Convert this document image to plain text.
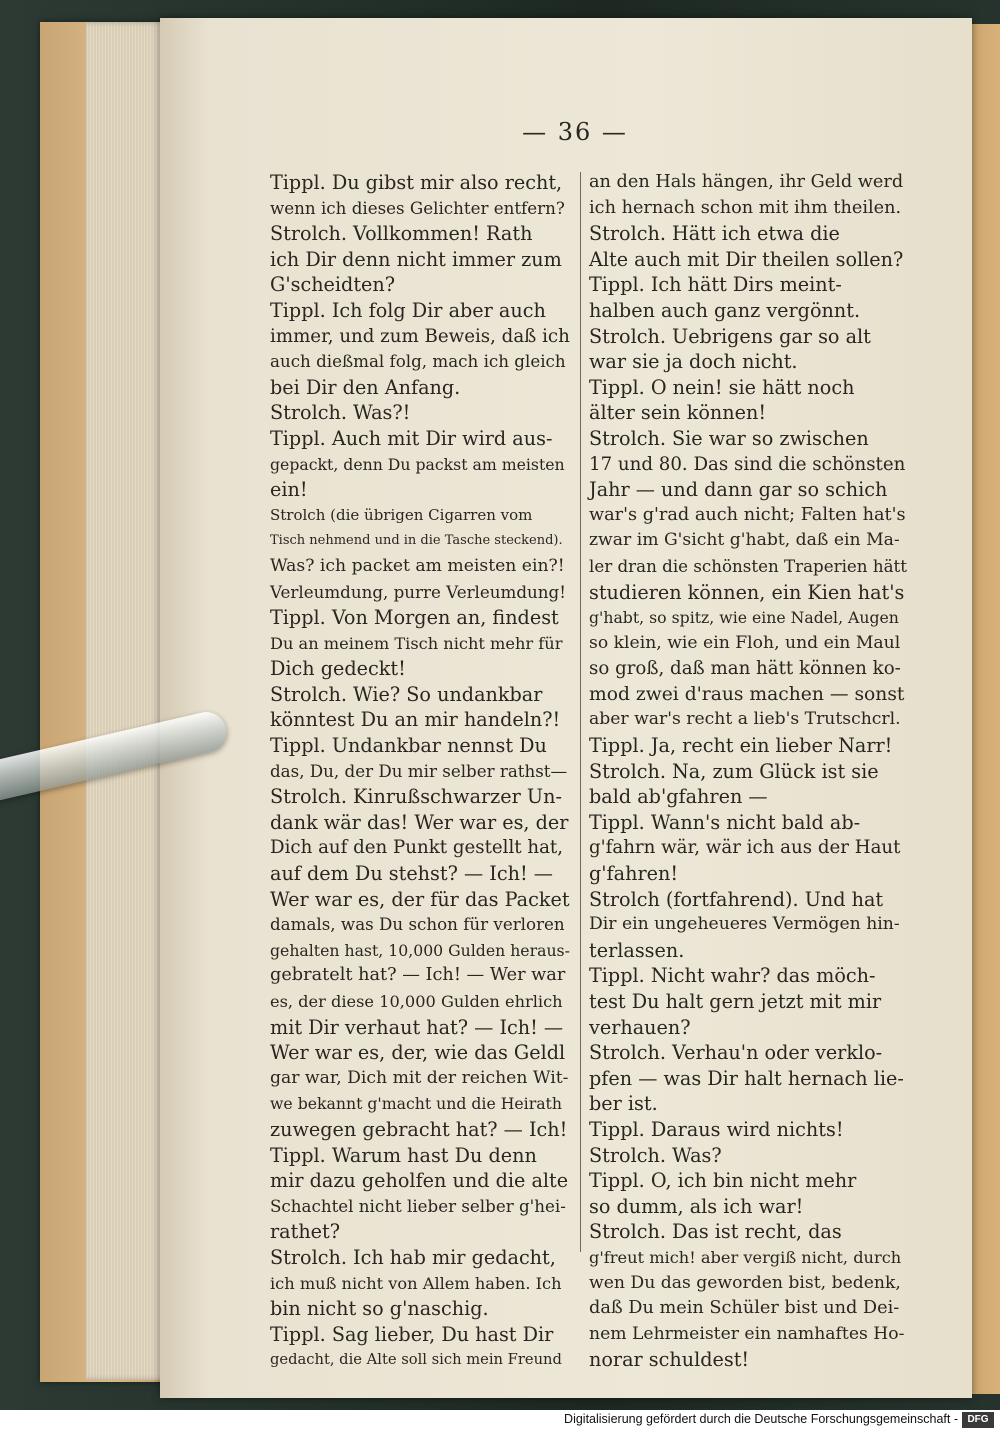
— 36 —
Tippl. Du gibst mir also recht,
wenn ich dieses Gelichter entfern?
Strolch. Vollkommen! Rath
ich Dir denn nicht immer zum
G'scheidten?
Tippl. Ich folg Dir aber auch
immer, und zum Beweis, daß ich
auch dießmal folg, mach ich gleich
bei Dir den Anfang.
Strolch. Was?!
Tippl. Auch mit Dir wird aus-
gepackt, denn Du packst am meisten
ein!
Strolch (die übrigen Cigarren vom
Tisch nehmend und in die Tasche steckend).
Was? ich packet am meisten ein?!
Verleumdung, purre Verleumdung!
Tippl. Von Morgen an, findest
Du an meinem Tisch nicht mehr für
Dich gedeckt!
Strolch. Wie? So undankbar
könntest Du an mir handeln?!
Tippl. Undankbar nennst Du
das, Du, der Du mir selber rathst—
Strolch. Kinrußschwarzer Un-
dank wär das! Wer war es, der
Dich auf den Punkt gestellt hat,
auf dem Du stehst? — Ich! —
Wer war es, der für das Packet
damals, was Du schon für verloren
gehalten hast, 10,000 Gulden heraus-
gebratelt hat? — Ich! — Wer war
es, der diese 10,000 Gulden ehrlich
mit Dir verhaut hat? — Ich! —
Wer war es, der, wie das Geldl
gar war, Dich mit der reichen Wit-
we bekannt g'macht und die Heirath
zuwegen gebracht hat? — Ich!
Tippl. Warum hast Du denn
mir dazu geholfen und die alte
Schachtel nicht lieber selber g'hei-
rathet?
Strolch. Ich hab mir gedacht,
ich muß nicht von Allem haben. Ich
bin nicht so g'naschig.
Tippl. Sag lieber, Du hast Dir
gedacht, die Alte soll sich mein Freund
an den Hals hängen, ihr Geld werd
ich hernach schon mit ihm theilen.
Strolch. Hätt ich etwa die
Alte auch mit Dir theilen sollen?
Tippl. Ich hätt Dirs meint-
halben auch ganz vergönnt.
Strolch. Uebrigens gar so alt
war sie ja doch nicht.
Tippl. O nein! sie hätt noch
älter sein können!
Strolch. Sie war so zwischen
17 und 80. Das sind die schönsten
Jahr — und dann gar so schich
war's g'rad auch nicht; Falten hat's
zwar im G'sicht g'habt, daß ein Ma-
ler dran die schönsten Traperien hätt
studieren können, ein Kien hat's
g'habt, so spitz, wie eine Nadel, Augen
so klein, wie ein Floh, und ein Maul
so groß, daß man hätt können ko-
mod zwei d'raus machen — sonst
aber war's recht a lieb's Trutschcrl.
Tippl. Ja, recht ein lieber Narr!
Strolch. Na, zum Glück ist sie
bald ab'gfahren —
Tippl. Wann's nicht bald ab-
g'fahrn wär, wär ich aus der Haut
g'fahren!
Strolch (fortfahrend). Und hat
Dir ein ungeheueres Vermögen hin-
terlassen.
Tippl. Nicht wahr? das möch-
test Du halt gern jetzt mit mir
verhauen?
Strolch. Verhau'n oder verklo-
pfen — was Dir halt hernach lie-
ber ist.
Tippl. Daraus wird nichts!
Strolch. Was?
Tippl. O, ich bin nicht mehr
so dumm, als ich war!
Strolch. Das ist recht, das
g'freut mich! aber vergiß nicht, durch
wen Du das geworden bist, bedenk,
daß Du mein Schüler bist und Dei-
nem Lehrmeister ein namhaftes Ho-
norar schuldest!
Digitalisierung gefördert durch die Deutsche Forschungsgemeinschaft - DFG
